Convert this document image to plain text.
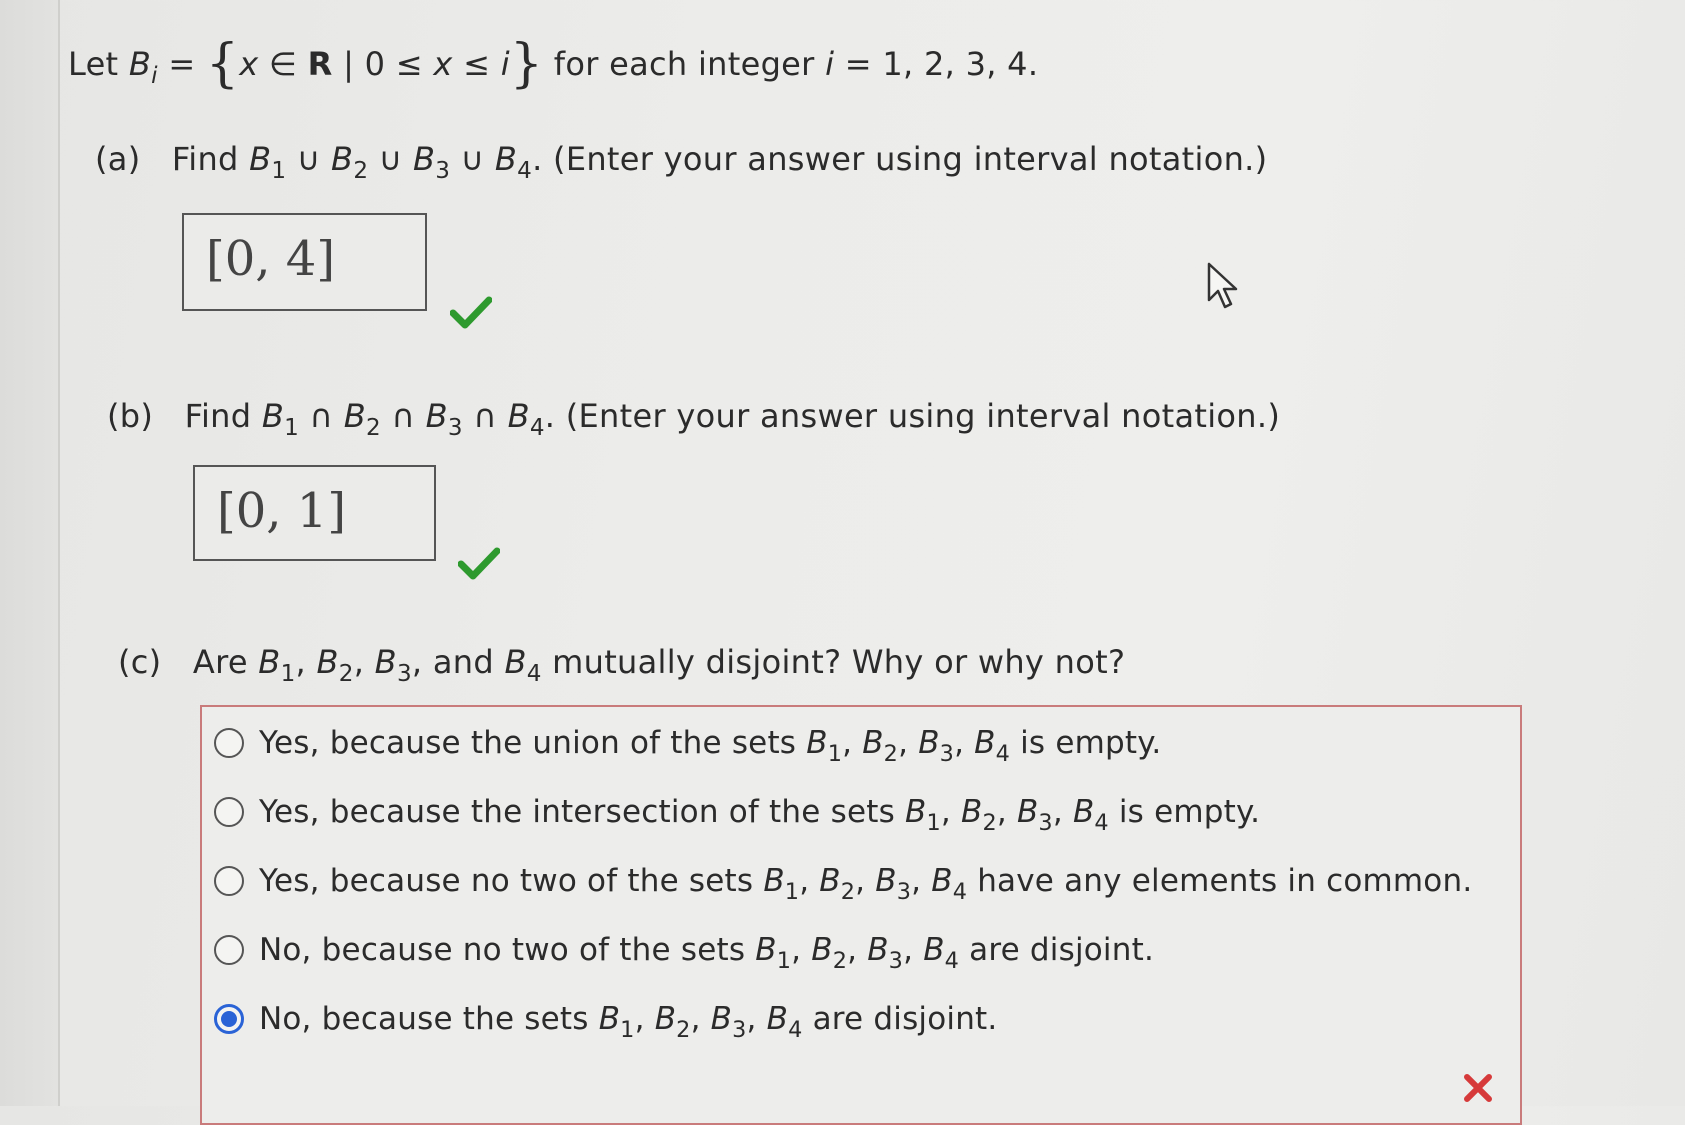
Let $B_i = \{x$ ∈ R | 0 ≤ x ≤ i} for each integer i = 1, 2, 3, 4.
(a) Find $B_1$ ∪ $B_2$ ∪ $B_3$ ∪ $B_4$. (Enter your answer using interval notation.)
[0, 4]
(b) Find $B_1$ ∩ $B_2$ ∩ $B_3$ ∩ $B_4$. (Enter your answer using interval notation.)
[0, 1]
(c) Are $B_1$, $B_2$, $B_3$, and $B_4$ mutually disjoint? Why or why not?
Yes, because the union of the sets $B_1$, $B_2$, $B_3$, $B_4$ is empty.
Yes, because the intersection of the sets $B_1$, $B_2$, $B_3$, $B_4$ is empty.
Yes, because no two of the sets $B_1$, $B_2$, $B_3$, $B_4$ have any elements in common.
No, because no two of the sets $B_1$, $B_2$, $B_3$, $B_4$ are disjoint.
No, because the sets $B_1$, $B_2$, $B_3$, $B_4$ are disjoint.
